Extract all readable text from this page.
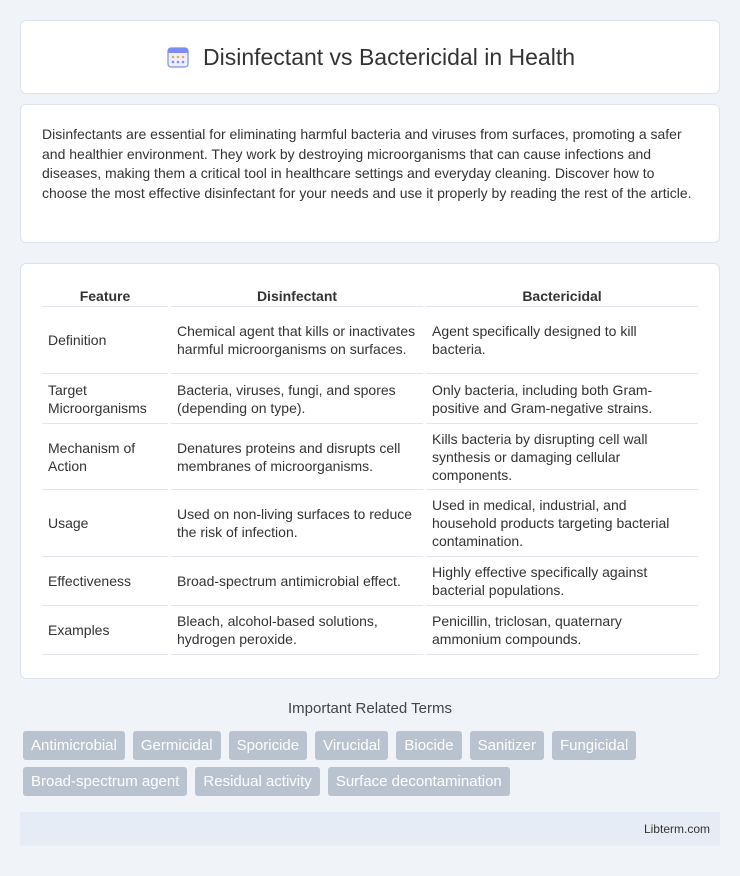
Disinfectant vs Bactericidal in Health

Disinfectants are essential for eliminating harmful bacteria and viruses from surfaces, promoting a safer and healthier environment. They work by destroying microorganisms that can cause infections and diseases, making them a critical tool in healthcare settings and everyday cleaning. Discover how to choose the most effective disinfectant for your needs and use it properly by reading the rest of the article.

Feature	Disinfectant	Bactericidal
Definition	Chemical agent that kills or inactivates harmful microorganisms on surfaces.	Agent specifically designed to kill bacteria.
Target Microorganisms	Bacteria, viruses, fungi, and spores (depending on type).	Only bacteria, including both Gram-positive and Gram-negative strains.
Mechanism of Action	Denatures proteins and disrupts cell membranes of microorganisms.	Kills bacteria by disrupting cell wall synthesis or damaging cellular components.
Usage	Used on non-living surfaces to reduce the risk of infection.	Used in medical, industrial, and household products targeting bacterial contamination.
Effectiveness	Broad-spectrum antimicrobial effect.	Highly effective specifically against bacterial populations.
Examples	Bleach, alcohol-based solutions, hydrogen peroxide.	Penicillin, triclosan, quaternary ammonium compounds.
Important Related Terms
Antimicrobial	Germicidal	Sporicide	Virucidal	Biocide	Sanitizer	Fungicidal
Broad-spectrum agent	Residual activity	Surface decontamination
Libterm.com
